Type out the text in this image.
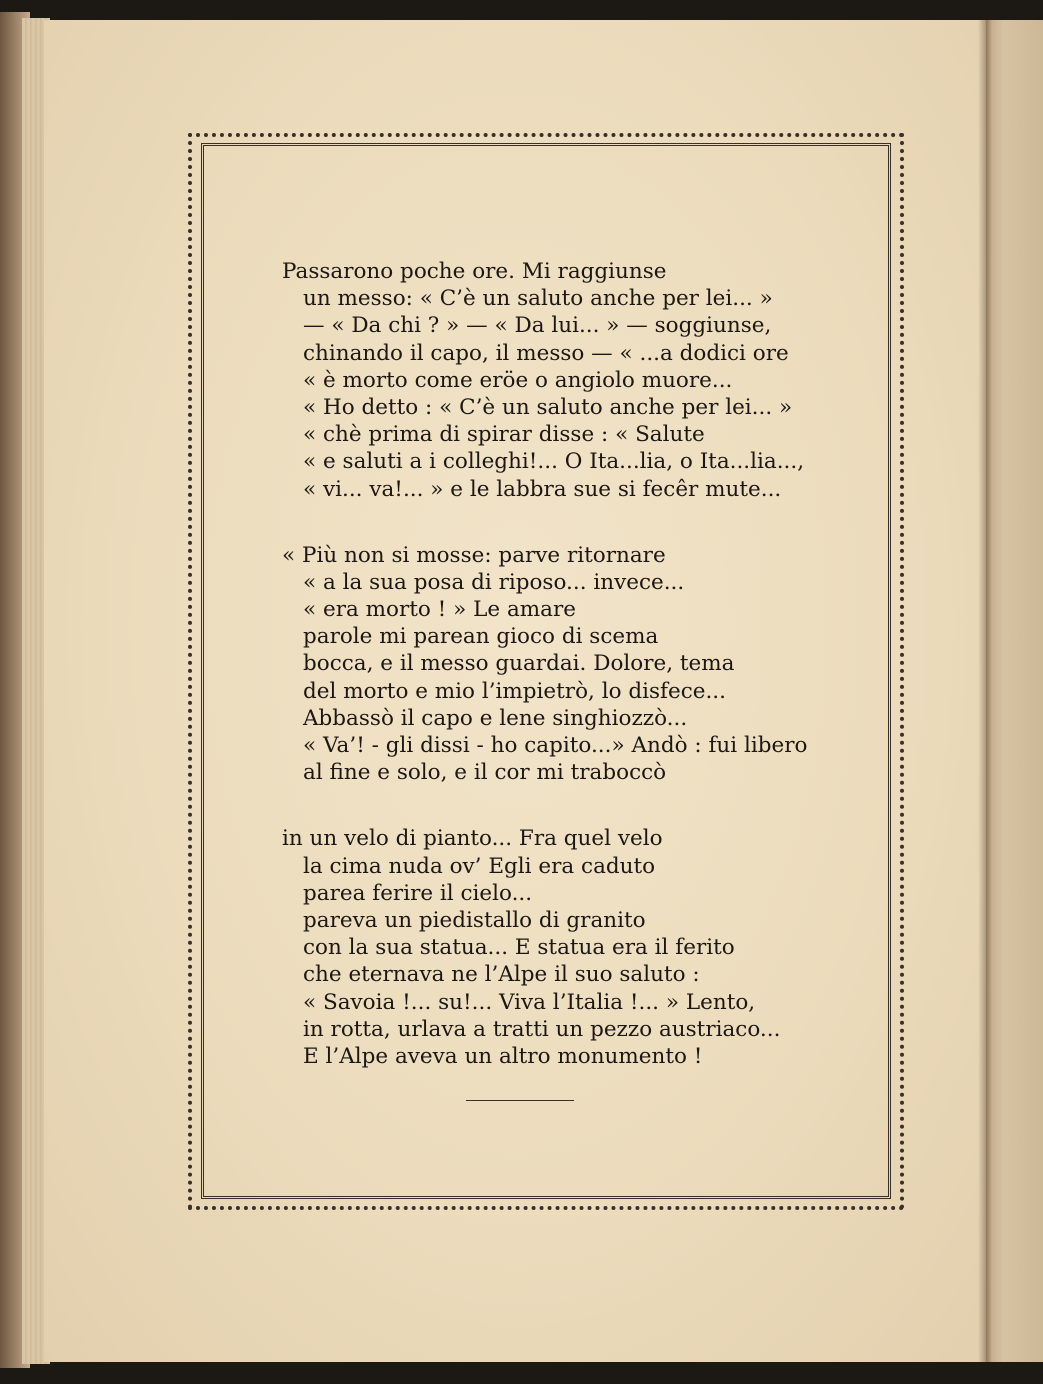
Passarono poche ore. Mi raggiunse
un messo: « C’è un saluto anche per lei... »
— « Da chi ? » — « Da lui... » — soggiunse,
chinando il capo, il messo — « ...a dodici ore
« è morto come eröe o angiolo muore...
« Ho detto : « C’è un saluto anche per lei... »
« chè prima di spirar disse : « Salute
« e saluti a i colleghi!... O Ita...lia, o Ita...lia...,
« vi... va!... » e le labbra sue si fecêr mute...
« Più non si mosse: parve ritornare
« a la sua posa di riposo... invece...
« era morto ! » Le amare
parole mi parean gioco di scema
bocca, e il messo guardai. Dolore, tema
del morto e mio l’impietrò, lo disfece...
Abbassò il capo e lene singhiozzò...
« Va’! - gli dissi - ho capito...» Andò : fui libero
al fine e solo, e il cor mi traboccò
in un velo di pianto... Fra quel velo
la cima nuda ov’ Egli era caduto
parea ferire il cielo...
pareva un piedistallo di granito
con la sua statua... E statua era il ferito
che eternava ne l’Alpe il suo saluto :
« Savoia !... su!... Viva l’Italia !... » Lento,
in rotta, urlava a tratti un pezzo austriaco...
E l’Alpe aveva un altro monumento !
